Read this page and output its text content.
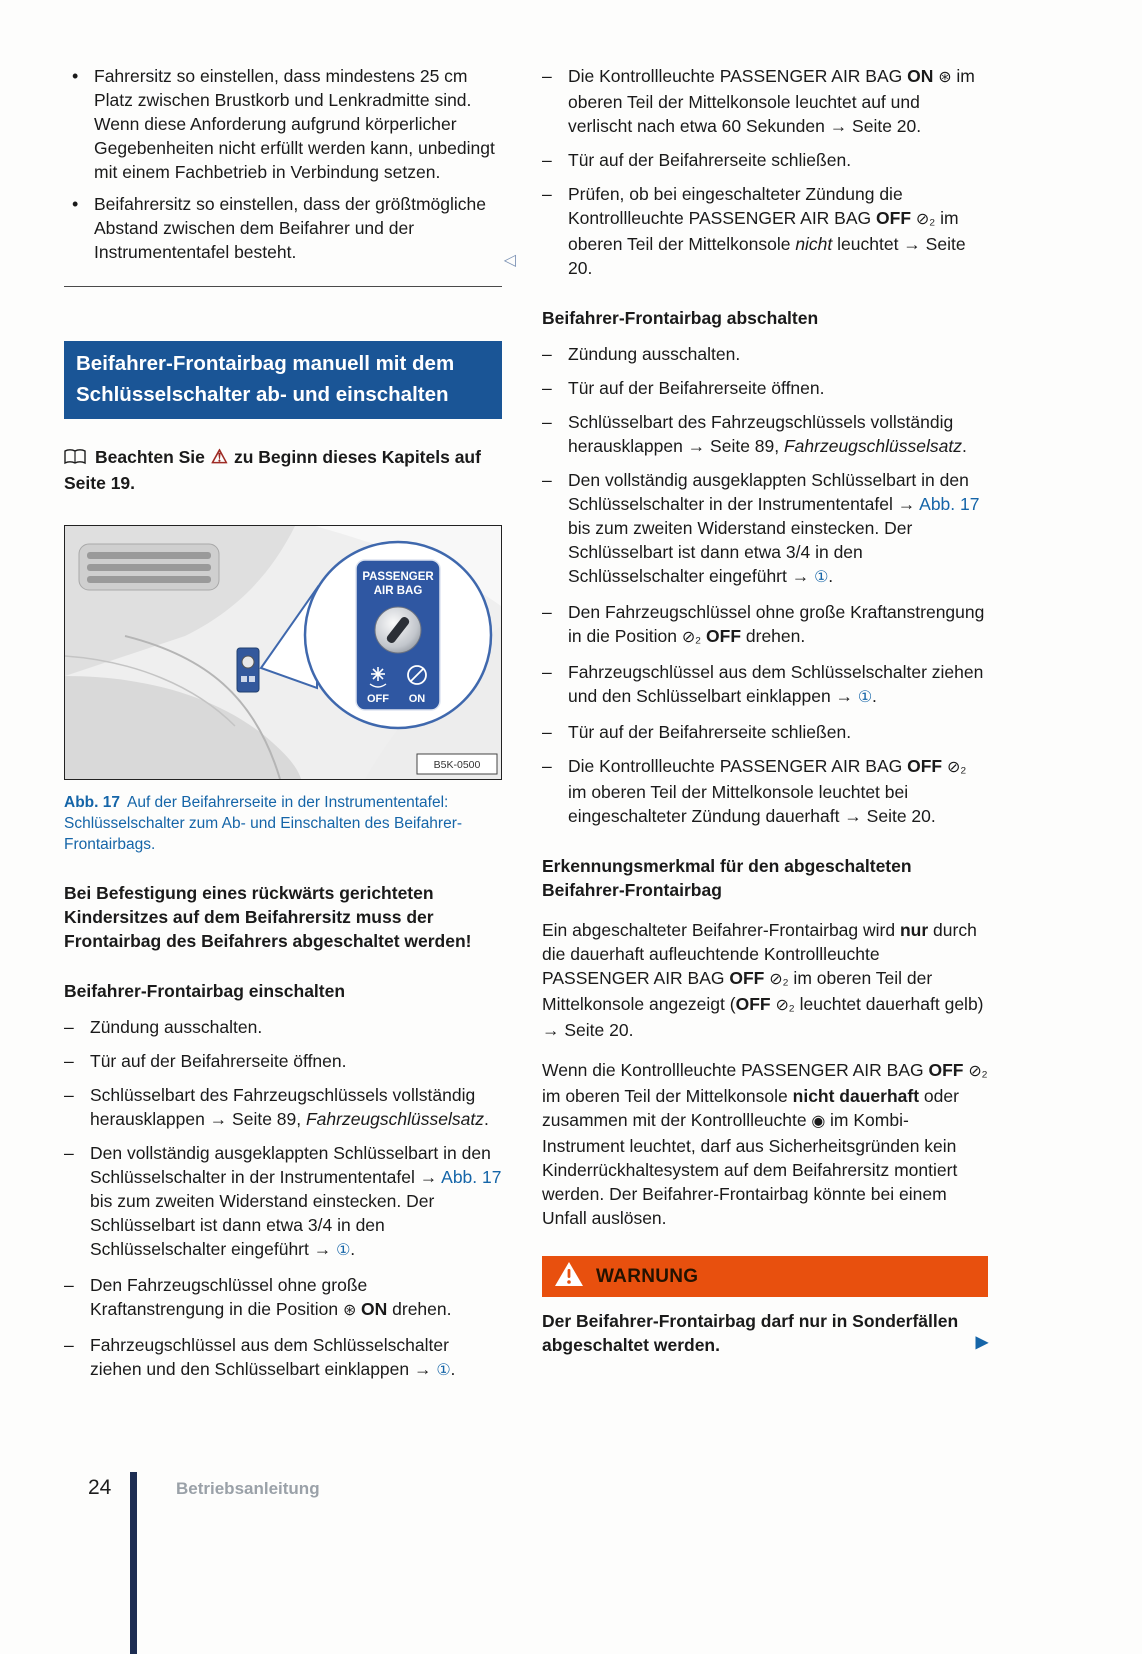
• Fahrersitz so einstellen, dass mindestens 25 cm Platz zwischen Brustkorb und Lenkradmitte sind. Wenn diese Anforderung aufgrund körperlicher Gegebenheiten nicht erfüllt werden kann, unbedingt mit einem Fachbetrieb in Verbindung setzen.
• Beifahrersitz so einstellen, dass der größtmögliche Abstand zwischen dem Beifahrer und der Instrumententafel besteht.	◁
Beifahrer-Frontairbag manuell mit dem Schlüsselschalter ab- und einschalten

Beachten Sie ⚠ zu Beginn dieses Kapitels auf Seite 19.

PASSENGER
AIR BAG
OFF ON
B5K-0500

Abb. 17 Auf der Beifahrerseite in der Instrumententafel: Schlüsselschalter zum Ab- und Einschalten des Beifahrer-Frontairbags.

Bei Befestigung eines rückwärts gerichteten Kindersitzes auf dem Beifahrersitz muss der Frontairbag des Beifahrers abgeschaltet werden!

Beifahrer-Frontairbag einschalten
– Zündung ausschalten.
– Tür auf der Beifahrerseite öffnen.
– Schlüsselbart des Fahrzeugschlüssels vollständig herausklappen → Seite 89, Fahrzeugschlüsselsatz.
– Den vollständig ausgeklappten Schlüsselbart in den Schlüsselschalter in der Instrumententafel → Abb. 17 bis zum zweiten Widerstand einstecken. Der Schlüsselbart ist dann etwa 3/4 in den Schlüsselschalter eingeführt → ①.
– Den Fahrzeugschlüssel ohne große Kraftanstrengung in die Position ⊛ ON drehen.
– Fahrzeugschlüssel aus dem Schlüsselschalter ziehen und den Schlüsselbart einklappen → ①.
– Die Kontrollleuchte PASSENGER AIR BAG ON ⊛ im oberen Teil der Mittelkonsole leuchtet auf und verlischt nach etwa 60 Sekunden → Seite 20.
– Tür auf der Beifahrerseite schließen.
– Prüfen, ob bei eingeschalteter Zündung die Kontrollleuchte PASSENGER AIR BAG OFF ⊘₂ im oberen Teil der Mittelkonsole nicht leuchtet → Seite 20.
Beifahrer-Frontairbag abschalten
– Zündung ausschalten.
– Tür auf der Beifahrerseite öffnen.
– Schlüsselbart des Fahrzeugschlüssels vollständig herausklappen → Seite 89, Fahrzeugschlüsselsatz.
– Den vollständig ausgeklappten Schlüsselbart in den Schlüsselschalter in der Instrumententafel → Abb. 17 bis zum zweiten Widerstand einstecken. Der Schlüsselbart ist dann etwa 3/4 in den Schlüsselschalter eingeführt → ①.
– Den Fahrzeugschlüssel ohne große Kraftanstrengung in die Position ⊘₂ OFF drehen.
– Fahrzeugschlüssel aus dem Schlüsselschalter ziehen und den Schlüsselbart einklappen → ①.
– Tür auf der Beifahrerseite schließen.
– Die Kontrollleuchte PASSENGER AIR BAG OFF ⊘₂ im oberen Teil der Mittelkonsole leuchtet bei eingeschalteter Zündung dauerhaft → Seite 20.
Erkennungsmerkmal für den abgeschalteten Beifahrer-Frontairbag

Ein abgeschalteter Beifahrer-Frontairbag wird nur durch die dauerhaft aufleuchtende Kontrollleuchte PASSENGER AIR BAG OFF ⊘₂ im oberen Teil der Mittelkonsole angezeigt (OFF ⊘₂ leuchtet dauerhaft gelb) → Seite 20.

Wenn die Kontrollleuchte PASSENGER AIR BAG OFF ⊘₂ im oberen Teil der Mittelkonsole nicht dauerhaft oder zusammen mit der Kontrollleuchte ◉ im Kombi-Instrument leuchtet, darf aus Sicherheitsgründen kein Kinderrückhaltesystem auf dem Beifahrersitz montiert werden. Der Beifahrer-Frontairbag könnte bei einem Unfall auslösen.

WARNUNG

Der Beifahrer-Frontairbag darf nur in Sonderfällen abgeschaltet werden.	▶

24	Betriebsanleitung
